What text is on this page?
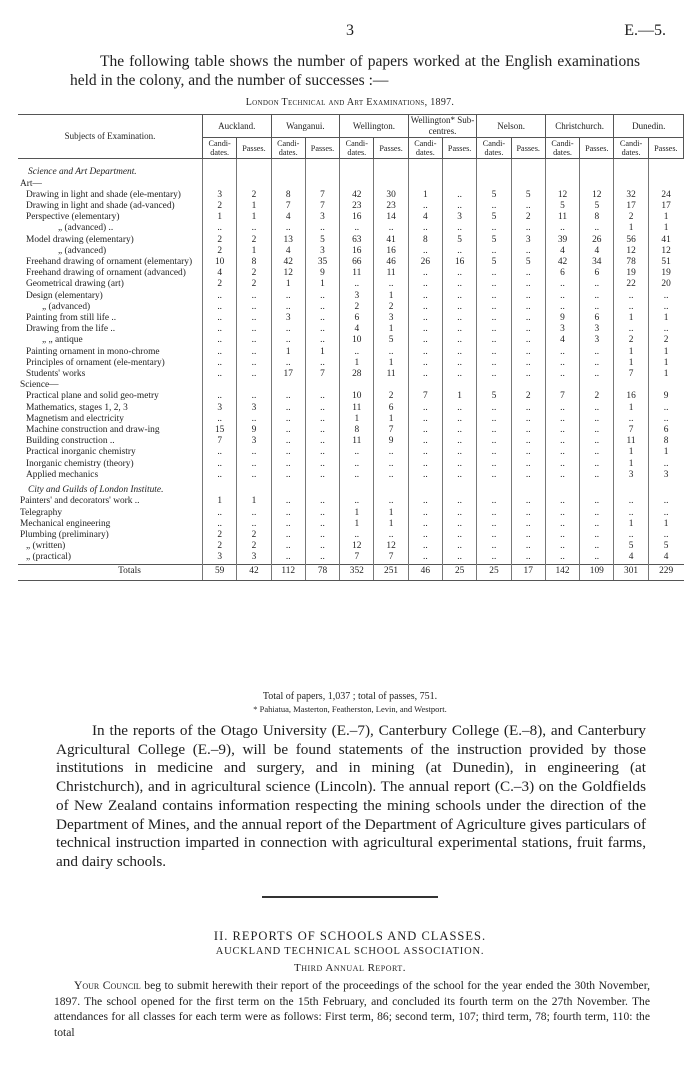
3	E.—5.
The following table shows the number of papers worked at the English examinations held in the colony, and the number of successes :—
London Technical and Art Examinations, 1897.
Subjects of Examination.	Auckland.		Wanganui.		Wellington.		Wellington* Sub-centres.		Nelson.		Christchurch.		Dunedin.	
	Candi-dates.	Passes.	Candi-dates.	Passes.	Candi-dates.	Passes.	Candi-dates.	Passes.	Candi-dates.	Passes.	Candi-dates.	Passes.	Candi-dates.	Passes.

Science and Art Department.														
Art—														
Drawing in light and shade (ele-mentary)	3	2	8	7	42	30	1	..	5	5	12	12	32	24
Drawing in light and shade (ad-vanced)	2	1	7	7	23	23	..	..	..	..	5	5	17	17
Perspective (elementary)	1	1	4	3	16	14	4	3	5	2	11	8	2	1
„ (advanced) ..	..	..	..	..	..	..	..	..	..	..	..	..	1	1
Model drawing (elementary)	2	2	13	5	63	41	8	5	5	3	39	26	56	41
„ (advanced)	2	1	4	3	16	16	..	..	..	..	4	4	12	12
Freehand drawing of ornament (elementary)	10	8	42	35	66	46	26	16	5	5	42	34	78	51
Freehand drawing of ornament (advanced)	4	2	12	9	11	11	..	..	..	..	6	6	19	19
Geometrical drawing (art)	2	2	1	1	..	..	..	..	..	..	..	..	22	20
Design (elementary)	..	..	..	..	3	1	..	..	..	..	..	..	..	..
„ (advanced)	..	..	..	..	2	2	..	..	..	..	..	..	..	..
Painting from still life ..	..	..	3	..	6	3	..	..	..	..	9	6	1	1
Drawing from the life ..	..	..	..	..	4	1	..	..	..	..	3	3	..	..
„ „ antique	..	..	..	..	10	5	..	..	..	..	4	3	2	2
Painting ornament in mono-chrome	..	..	1	1	..	..	..	..	..	..	..	..	1	1
Principles of ornament (ele-mentary)	..	..	..	..	1	1	..	..	..	..	..	..	1	1
Students' works	..	..	17	7	28	11	..	..	..	..	..	..	7	1
Science—														
Practical plane and solid geo-metry	..	..	..	..	10	2	7	1	5	2	7	2	16	9
Mathematics, stages 1, 2, 3	3	3	..	..	11	6	..	..	..	..	..	..	1	..
Magnetism and electricity	..	..	..	..	1	1	..	..	..	..	..	..	..	..
Machine construction and draw-ing	15	9	..	..	8	7	..	..	..	..	..	..	7	6
Building construction ..	7	3	..	..	11	9	..	..	..	..	..	..	11	8
Practical inorganic chemistry	..	..	..	..	..	..	..	..	..	..	..	..	1	1
Inorganic chemistry (theory)	..	..	..	..	..	..	..	..	..	..	..	..	1	..
Applied mechanics	..	..	..	..	..	..	..	..	..	..	..	..	3	3
City and Guilds of London Institute.														
Painters' and decorators' work ..	1	1	..	..	..	..	..	..	..	..	..	..	..	..
Telegraphy	..	..	..	..	1	1	..	..	..	..	..	..	..	..
Mechanical engineering	..	..	..	..	1	1	..	..	..	..	..	..	1	1
Plumbing (preliminary)	2	2	..	..	..	..	..	..	..	..	..	..	..	..
„ (written)	2	2	..	..	12	12	..	..	..	..	..	..	5	5
„ (practical)	3	3	..	..	7	7	..	..	..	..	..	..	4	4
Totals	59	42	112	78	352	251	46	25	25	17	142	109	301	229
Total of papers, 1,037 ; total of passes, 751.
* Pahiatua, Masterton, Featherston, Levin, and Westport.
In the reports of the Otago University (E.–7), Canterbury College (E.–8), and Canterbury Agricultural College (E.–9), will be found statements of the instruction provided by those institutions in medicine and surgery, and in mining (at Dunedin), in engineering (at Christchurch), and in agricultural science (Lincoln). The annual report (C.–3) on the Goldfields of New Zealand contains information respecting the mining schools under the direction of the Department of Mines, and the annual report of the Department of Agriculture gives particulars of technical instruction imparted in connection with agricultural experimental stations, fruit farms, and dairy schools.
II. REPORTS OF SCHOOLS AND CLASSES.
AUCKLAND TECHNICAL SCHOOL ASSOCIATION.
Third Annual Report.
Your Council beg to submit herewith their report of the proceedings of the school for the year ended the 30th November, 1897. The school opened for the first term on the 15th February, and concluded its fourth term on the 27th November. The attendances for all classes for each term were as follows: First term, 86; second term, 107; third term, 78; fourth term, 110: the total
